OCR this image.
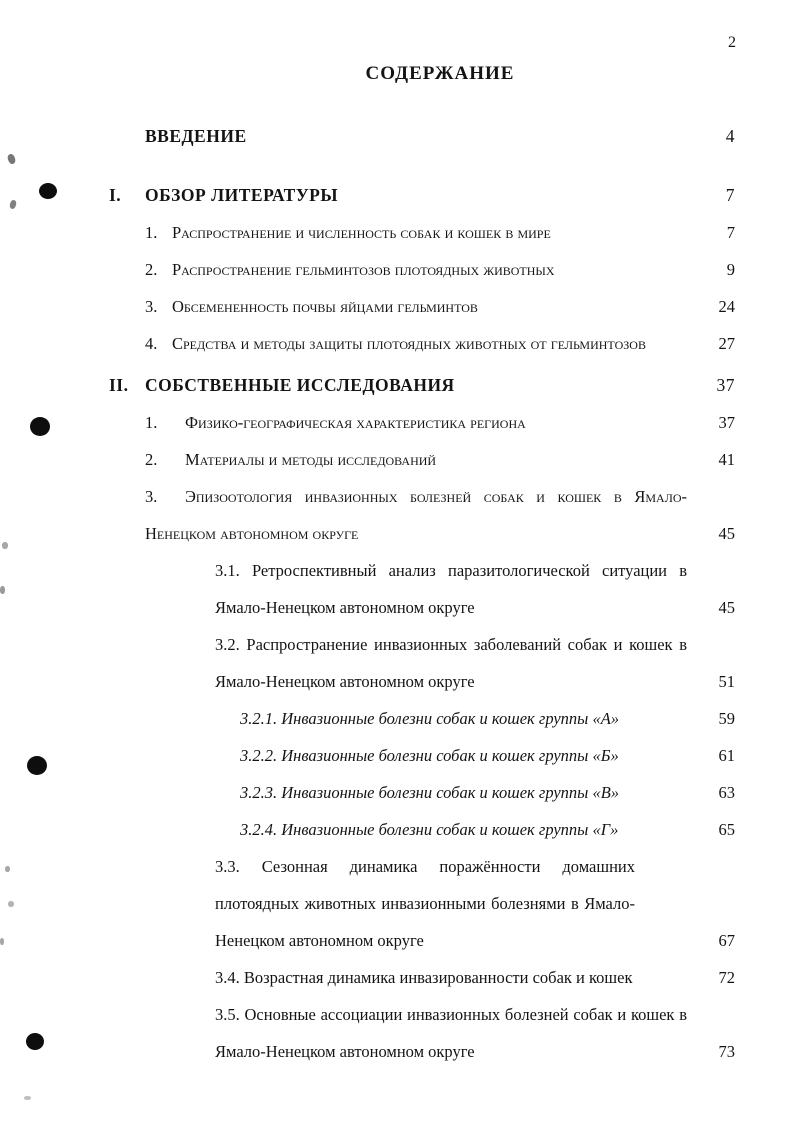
2
СОДЕРЖАНИЕ
ВВЕДЕНИЕ	4
I. ОБЗОР ЛИТЕРАТУРЫ	7
1. Распространение и численность собак и кошек в мире	7
2. Распространение гельминтозов плотоядных животных	9
3. Обсемененность почвы яйцами гельминтов	24
4. Средства и методы защиты плотоядных животных от гельминтозов	27
II. СОБСТВЕННЫЕ ИССЛЕДОВАНИЯ	37
1. Физико-географическая характеристика региона	37
2. Материалы и методы исследований	41
3. Эпизоотология инвазионных болезней собак и кошек в Ямало-Ненецком автономном округе	45
3.1. Ретроспективный анализ паразитологической ситуации в Ямало-Ненецком автономном округе	45
3.2. Распространение инвазионных заболеваний собак и кошек в Ямало-Ненецком автономном округе	51
3.2.1. Инвазионные болезни собак и кошек группы «А»	59
3.2.2. Инвазионные болезни собак и кошек группы «Б»	61
3.2.3. Инвазионные болезни собак и кошек группы «В»	63
3.2.4. Инвазионные болезни собак и кошек группы «Г»	65
3.3. Сезонная динамика поражённости домашних плотоядных животных инвазионными болезнями в Ямало-Ненецком автономном округе	67
3.4. Возрастная динамика инвазированности собак и кошек	72
3.5. Основные ассоциации инвазионных болезней собак и кошек в Ямало-Ненецком автономном округе	73
